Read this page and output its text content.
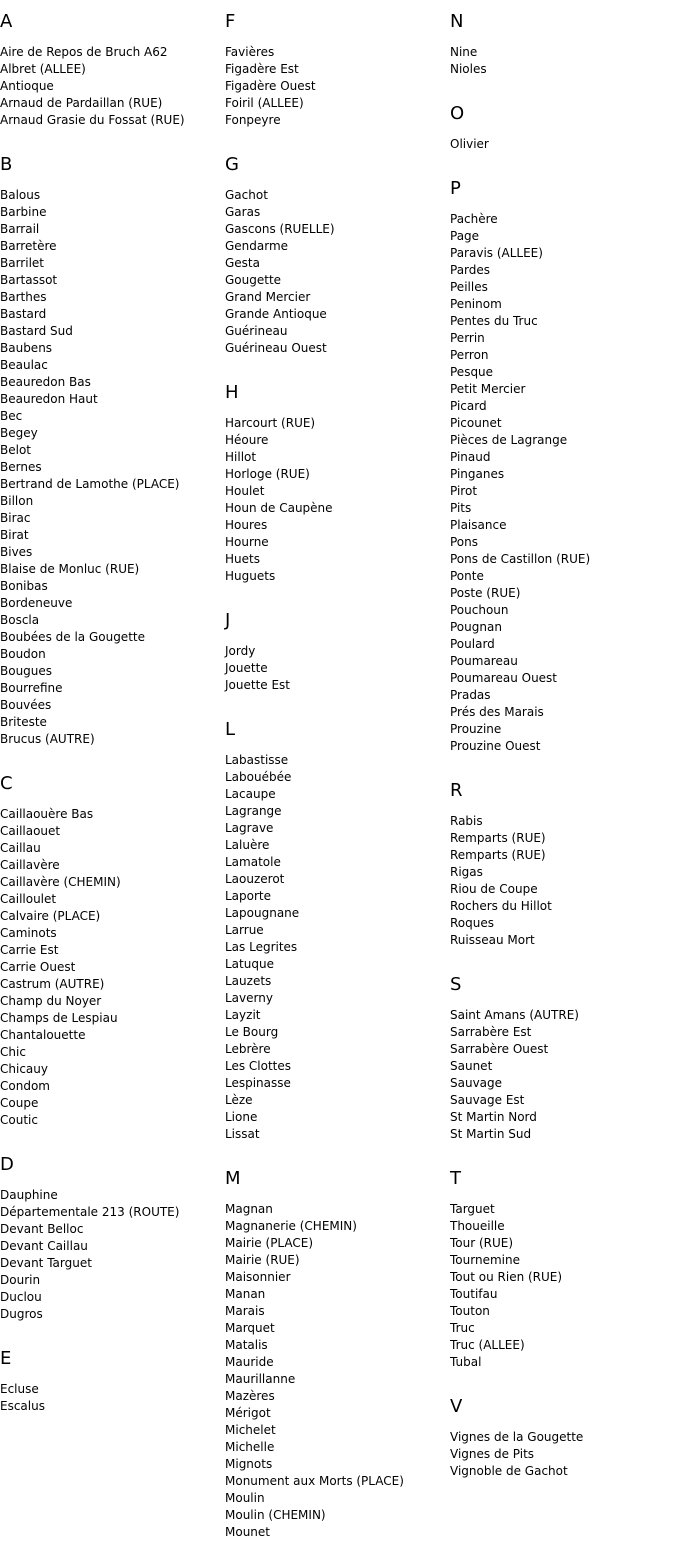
A
Aire de Repos de Bruch A62
Albret (ALLEE)
Antioque
Arnaud de Pardaillan (RUE)
Arnaud Grasie du Fossat (RUE)
B
Balous
Barbine
Barrail
Barretère
Barrilet
Bartassot
Barthes
Bastard
Bastard Sud
Baubens
Beaulac
Beauredon Bas
Beauredon Haut
Bec
Begey
Belot
Bernes
Bertrand de Lamothe (PLACE)
Billon
Birac
Birat
Bives
Blaise de Monluc (RUE)
Bonibas
Bordeneuve
Boscla
Boubées de la Gougette
Boudon
Bougues
Bourrefine
Bouvées
Briteste
Brucus (AUTRE)
C
Caillaouère Bas
Caillaouet
Caillau
Caillavère
Caillavère (CHEMIN)
Cailloulet
Calvaire (PLACE)
Caminots
Carrie Est
Carrie Ouest
Castrum (AUTRE)
Champ du Noyer
Champs de Lespiau
Chantalouette
Chic
Chicauy
Condom
Coupe
Coutic
D
Dauphine
Départementale 213 (ROUTE)
Devant Belloc
Devant Caillau
Devant Targuet
Dourin
Duclou
Dugros
E
Ecluse
Escalus
F
Favières
Figadère Est
Figadère Ouest
Foiril (ALLEE)
Fonpeyre
G
Gachot
Garas
Gascons (RUELLE)
Gendarme
Gesta
Gougette
Grand Mercier
Grande Antioque
Guérineau
Guérineau Ouest
H
Harcourt (RUE)
Héoure
Hillot
Horloge (RUE)
Houlet
Houn de Caupène
Houres
Hourne
Huets
Huguets
J
Jordy
Jouette
Jouette Est
L
Labastisse
Labouébée
Lacaupe
Lagrange
Lagrave
Laluère
Lamatole
Laouzerot
Laporte
Lapougnane
Larrue
Las Legrites
Latuque
Lauzets
Laverny
Layzit
Le Bourg
Lebrère
Les Clottes
Lespinasse
Lèze
Lione
Lissat
M
Magnan
Magnanerie (CHEMIN)
Mairie (PLACE)
Mairie (RUE)
Maisonnier
Manan
Marais
Marquet
Matalis
Mauride
Maurillanne
Mazères
Mérigot
Michelet
Michelle
Mignots
Monument aux Morts (PLACE)
Moulin
Moulin (CHEMIN)
Mounet
N
Nine
Nioles
O
Olivier
P
Pachère
Page
Paravis (ALLEE)
Pardes
Peilles
Peninom
Pentes du Truc
Perrin
Perron
Pesque
Petit Mercier
Picard
Picounet
Pièces de Lagrange
Pinaud
Pinganes
Pirot
Pits
Plaisance
Pons
Pons de Castillon (RUE)
Ponte
Poste (RUE)
Pouchoun
Pougnan
Poulard
Poumareau
Poumareau Ouest
Pradas
Prés des Marais
Prouzine
Prouzine Ouest
R
Rabis
Remparts (RUE)
Remparts (RUE)
Rigas
Riou de Coupe
Rochers du Hillot
Roques
Ruisseau Mort
S
Saint Amans (AUTRE)
Sarrabère Est
Sarrabère Ouest
Saunet
Sauvage
Sauvage Est
St Martin Nord
St Martin Sud
T
Targuet
Thoueille
Tour (RUE)
Tournemine
Tout ou Rien (RUE)
Toutifau
Touton
Truc
Truc (ALLEE)
Tubal
V
Vignes de la Gougette
Vignes de Pits
Vignoble de Gachot
